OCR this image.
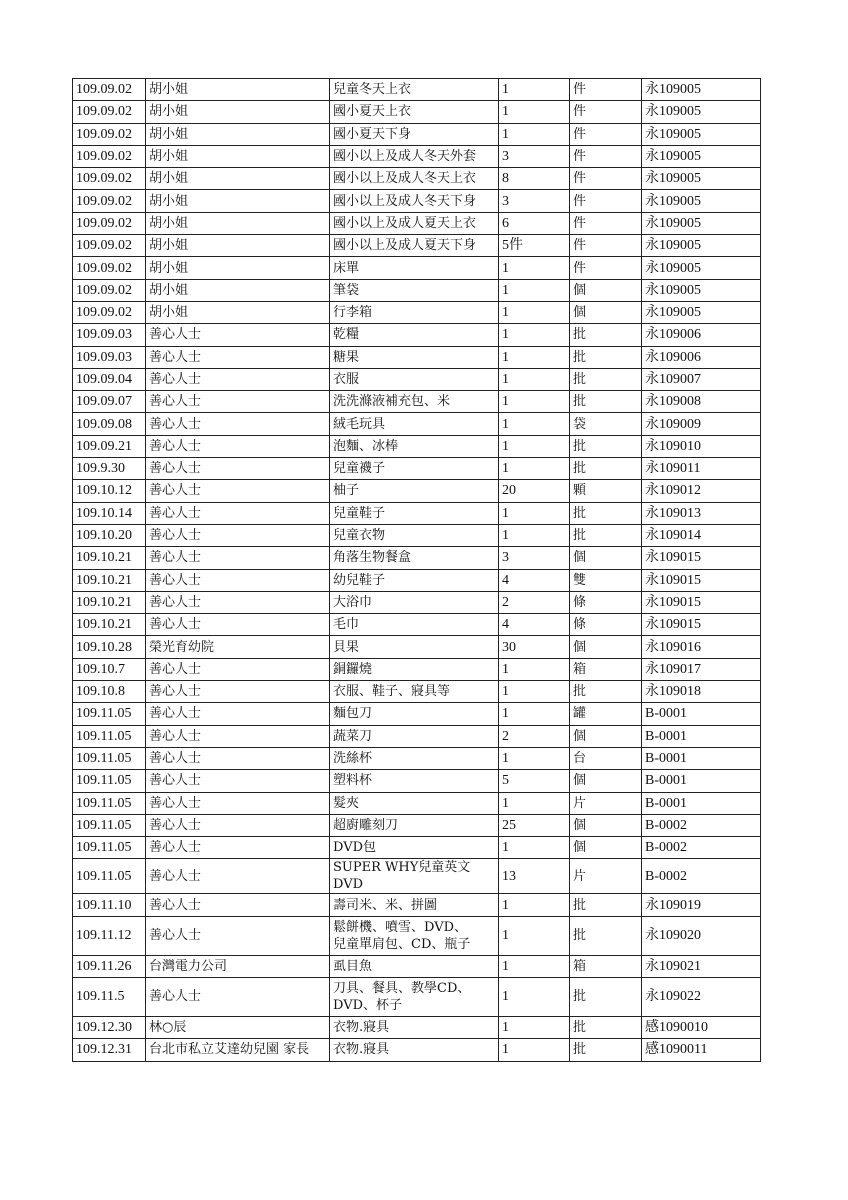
109.09.02	胡小姐	兒童冬天上衣	1	件	永109005
109.09.02	胡小姐	國小夏天上衣	1	件	永109005
109.09.02	胡小姐	國小夏天下身	1	件	永109005
109.09.02	胡小姐	國小以上及成人冬天外套	3	件	永109005
109.09.02	胡小姐	國小以上及成人冬天上衣	8	件	永109005
109.09.02	胡小姐	國小以上及成人冬天下身	3	件	永109005
109.09.02	胡小姐	國小以上及成人夏天上衣	6	件	永109005
109.09.02	胡小姐	國小以上及成人夏天下身	5件	件	永109005
109.09.02	胡小姐	床單	1	件	永109005
109.09.02	胡小姐	筆袋	1	個	永109005
109.09.02	胡小姐	行李箱	1	個	永109005
109.09.03	善心人士	乾糧	1	批	永109006
109.09.03	善心人士	糖果	1	批	永109006
109.09.04	善心人士	衣服	1	批	永109007
109.09.07	善心人士	洗洗滌液補充包、米	1	批	永109008
109.09.08	善心人士	絨毛玩具	1	袋	永109009
109.09.21	善心人士	泡麵、冰棒	1	批	永109010
109.9.30	善心人士	兒童襪子	1	批	永109011
109.10.12	善心人士	柚子	20	顆	永109012
109.10.14	善心人士	兒童鞋子	1	批	永109013
109.10.20	善心人士	兒童衣物	1	批	永109014
109.10.21	善心人士	角落生物餐盒	3	個	永109015
109.10.21	善心人士	幼兒鞋子	4	雙	永109015
109.10.21	善心人士	大浴巾	2	條	永109015
109.10.21	善心人士	毛巾	4	條	永109015
109.10.28	榮光育幼院	貝果	30	個	永109016
109.10.7	善心人士	銅鑼燒	1	箱	永109017
109.10.8	善心人士	衣服、鞋子、寢具等	1	批	永109018
109.11.05	善心人士	麵包刀	1	罐	B-0001
109.11.05	善心人士	蔬菜刀	2	個	B-0001
109.11.05	善心人士	洗絲杯	1	台	B-0001
109.11.05	善心人士	塑料杯	5	個	B-0001
109.11.05	善心人士	髮夾	1	片	B-0001
109.11.05	善心人士	超廚雕刻刀	25	個	B-0002
109.11.05	善心人士	DVD包	1	個	B-0002
109.11.05	善心人士	SUPER WHY兒童英文DVD	13	片	B-0002
109.11.10	善心人士	壽司米、米、拼圖	1	批	永109019
109.11.12	善心人士	鬆餅機、噴雪、DVD、
兒童單肩包、CD、瓶子	1	批	永109020
109.11.26	台灣電力公司	虱目魚	1	箱	永109021
109.11.5	善心人士	刀具、餐具、教學CD、
DVD、杯子	1	批	永109022
109.12.30	林○辰	衣物.寢具	1	批	感1090010
109.12.31	台北市私立艾達幼兒園 家長	衣物.寢具	1	批	感1090011
